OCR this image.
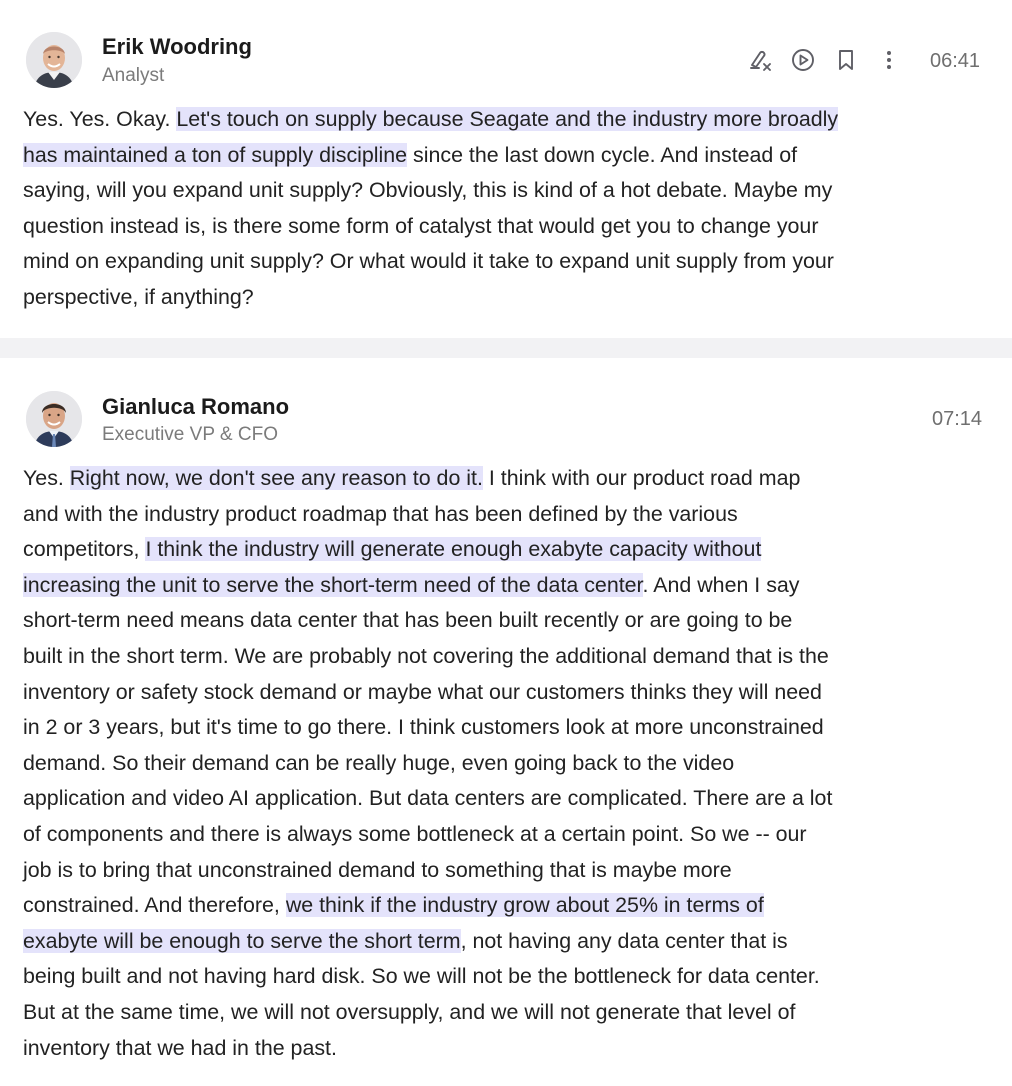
Erik Woodring
Analyst
06:41
Yes. Yes. Okay. Let's touch on supply because Seagate and the industry more broadly
has maintained a ton of supply discipline since the last down cycle. And instead of
saying, will you expand unit supply? Obviously, this is kind of a hot debate. Maybe my
question instead is, is there some form of catalyst that would get you to change your
mind on expanding unit supply? Or what would it take to expand unit supply from your
perspective, if anything?
Gianluca Romano
Executive VP & CFO
07:14
Yes. Right now, we don't see any reason to do it. I think with our product road map
and with the industry product roadmap that has been defined by the various
competitors, I think the industry will generate enough exabyte capacity without
increasing the unit to serve the short-term need of the data center. And when I say
short-term need means data center that has been built recently or are going to be
built in the short term. We are probably not covering the additional demand that is the
inventory or safety stock demand or maybe what our customers thinks they will need
in 2 or 3 years, but it's time to go there. I think customers look at more unconstrained
demand. So their demand can be really huge, even going back to the video
application and video AI application. But data centers are complicated. There are a lot
of components and there is always some bottleneck at a certain point. So we -- our
job is to bring that unconstrained demand to something that is maybe more
constrained. And therefore, we think if the industry grow about 25% in terms of
exabyte will be enough to serve the short term, not having any data center that is
being built and not having hard disk. So we will not be the bottleneck for data center.
But at the same time, we will not oversupply, and we will not generate that level of
inventory that we had in the past.
